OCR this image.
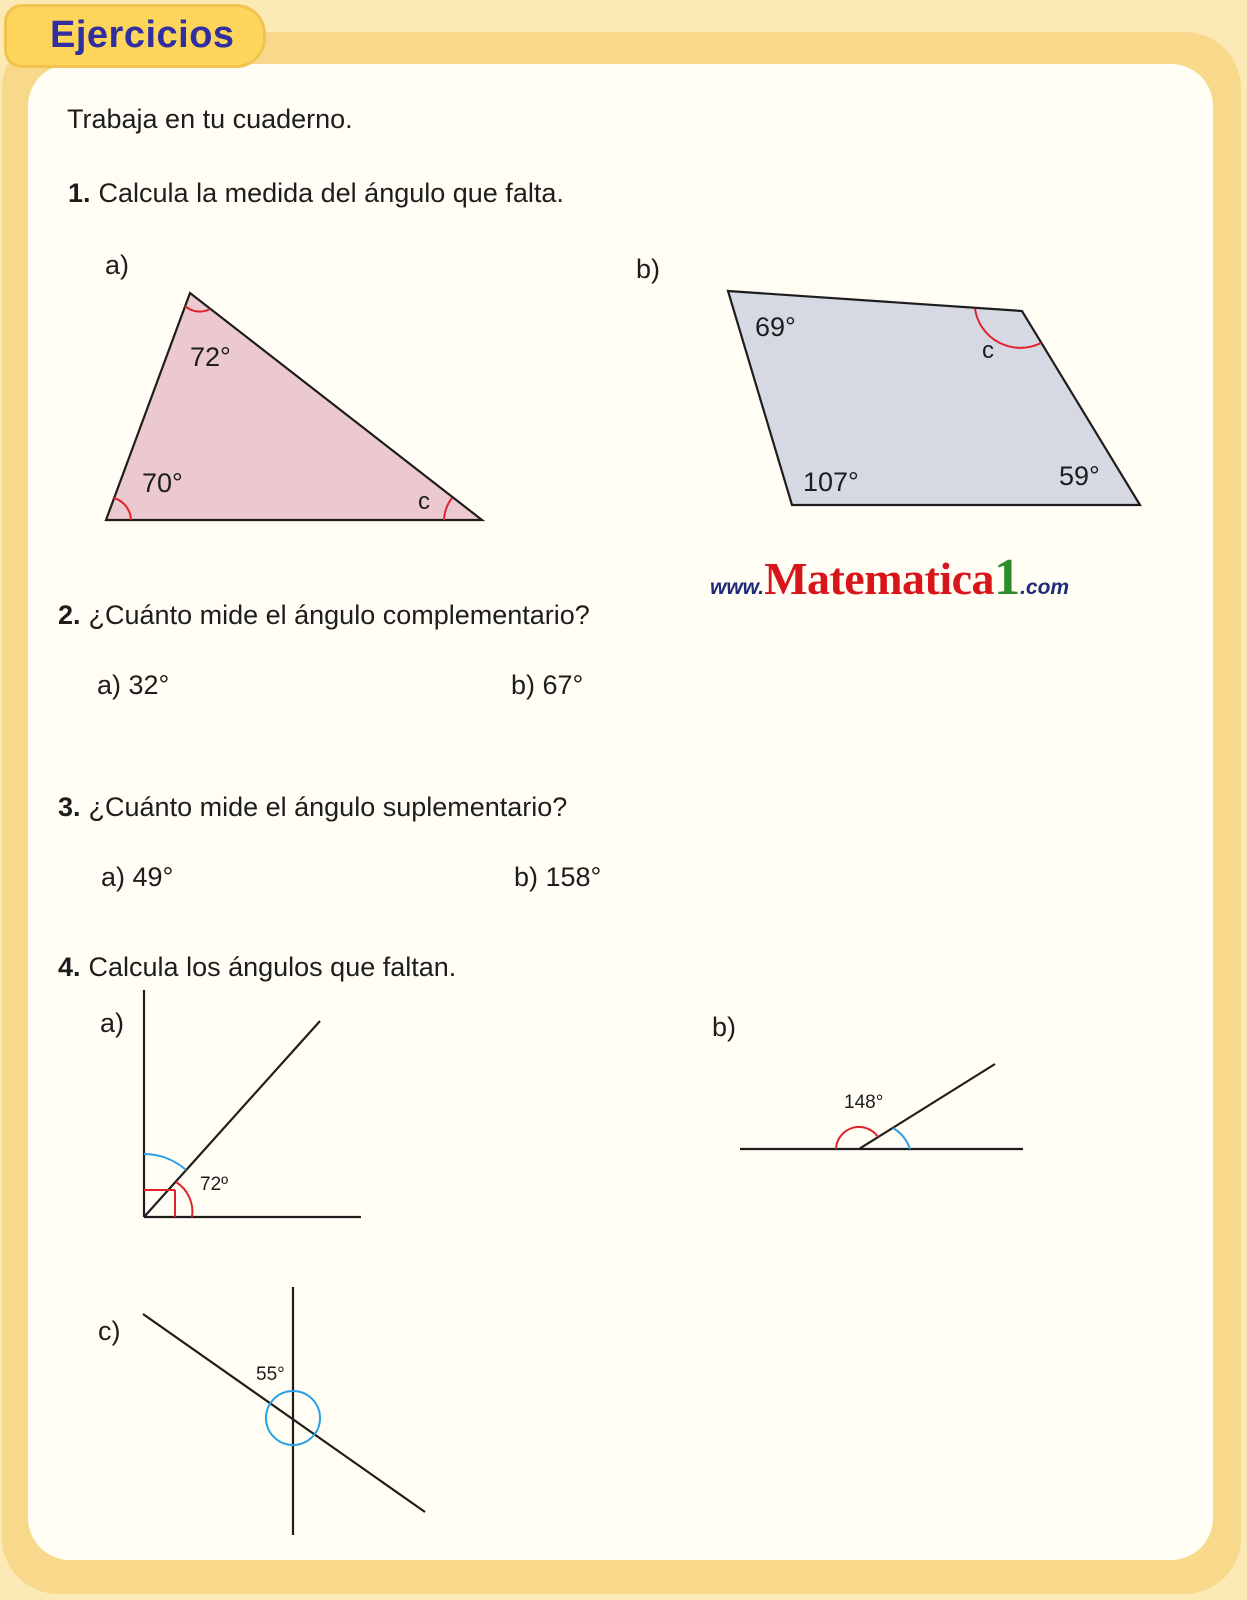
Ejercicios
Trabaja en tu cuaderno.
1. Calcula la medida del ángulo que falta.
a)	b)
72°
70°
c
69°
c
107°	59°
www.Matematica1.com
2. ¿Cuánto mide el ángulo complementario?
a) 32°	b) 67°
3. ¿Cuánto mide el ángulo suplementario?
a) 49°	b) 158°
4. Calcula los ángulos que faltan.
a)
72º
b)
148°
c)
55°
